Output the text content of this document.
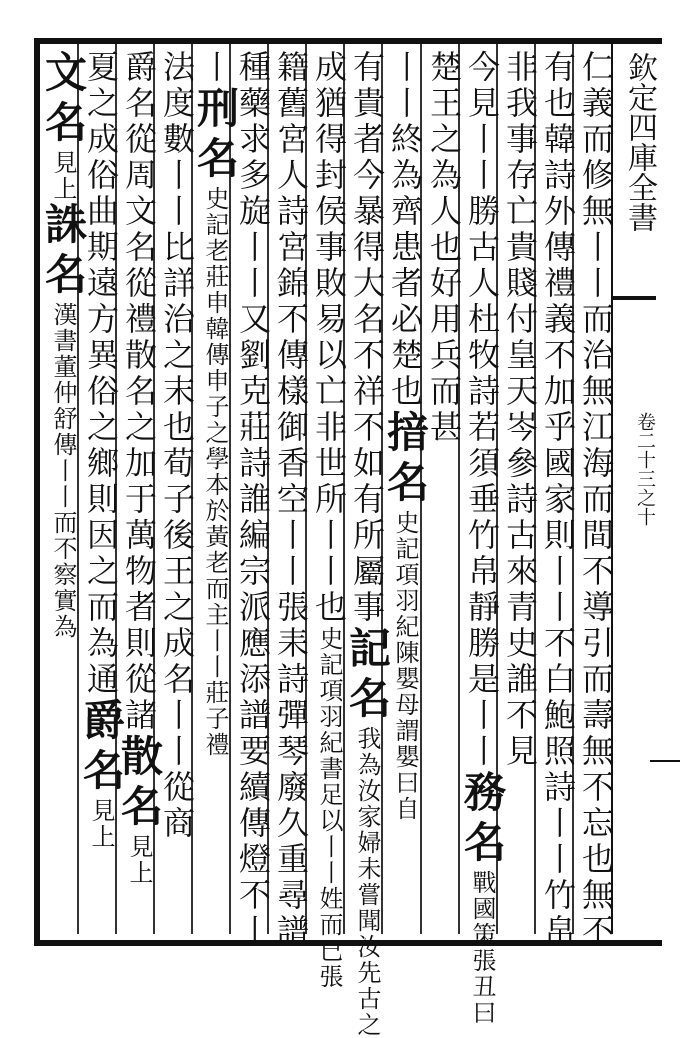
欽定四庫全書
卷二十三之十
仁義而修無丨丨而治無江海而間不導引而壽無不忘也無不
有也韓詩外傳禮義不加乎國家則丨丨不白鮑照詩丨丨竹帛
非我事存亡貴賤付皇天岑參詩古來青史誰不見
今見丨丨勝古人杜牧詩若須垂竹帛靜勝是丨丨務名戰國策張丑曰
楚王之為人也好用兵而甚
丨丨終為齊患者必楚也揞名史記項羽紀陳嬰母謂嬰曰自
有貴者今暴得大名不祥不如有所屬事記名我為汝家婦未嘗聞汝先古之
成猶得封侯事敗易以亡非世所丨丨也史記項羽紀書足以丨丨姓而已張
籍舊宮人詩宮錦不傳樣御香空丨丨張耒詩彈琴廢久重尋譜
種藥求多旋丨丨又劉克莊詩誰編宗派應添譜要續傳燈不丨
丨刑名史記老莊申韓傳申子之學本於黃老而主丨丨莊子禮
法度數丨丨比詳治之末也荀子後王之成名丨丨從商
爵名從周文名從禮散名之加于萬物者則從諸散名見上
夏之成俗曲期遠方異俗之鄉則因之而為通爵名見上
文名見上誅名漢書董仲舒傳丨丨而不察實為
